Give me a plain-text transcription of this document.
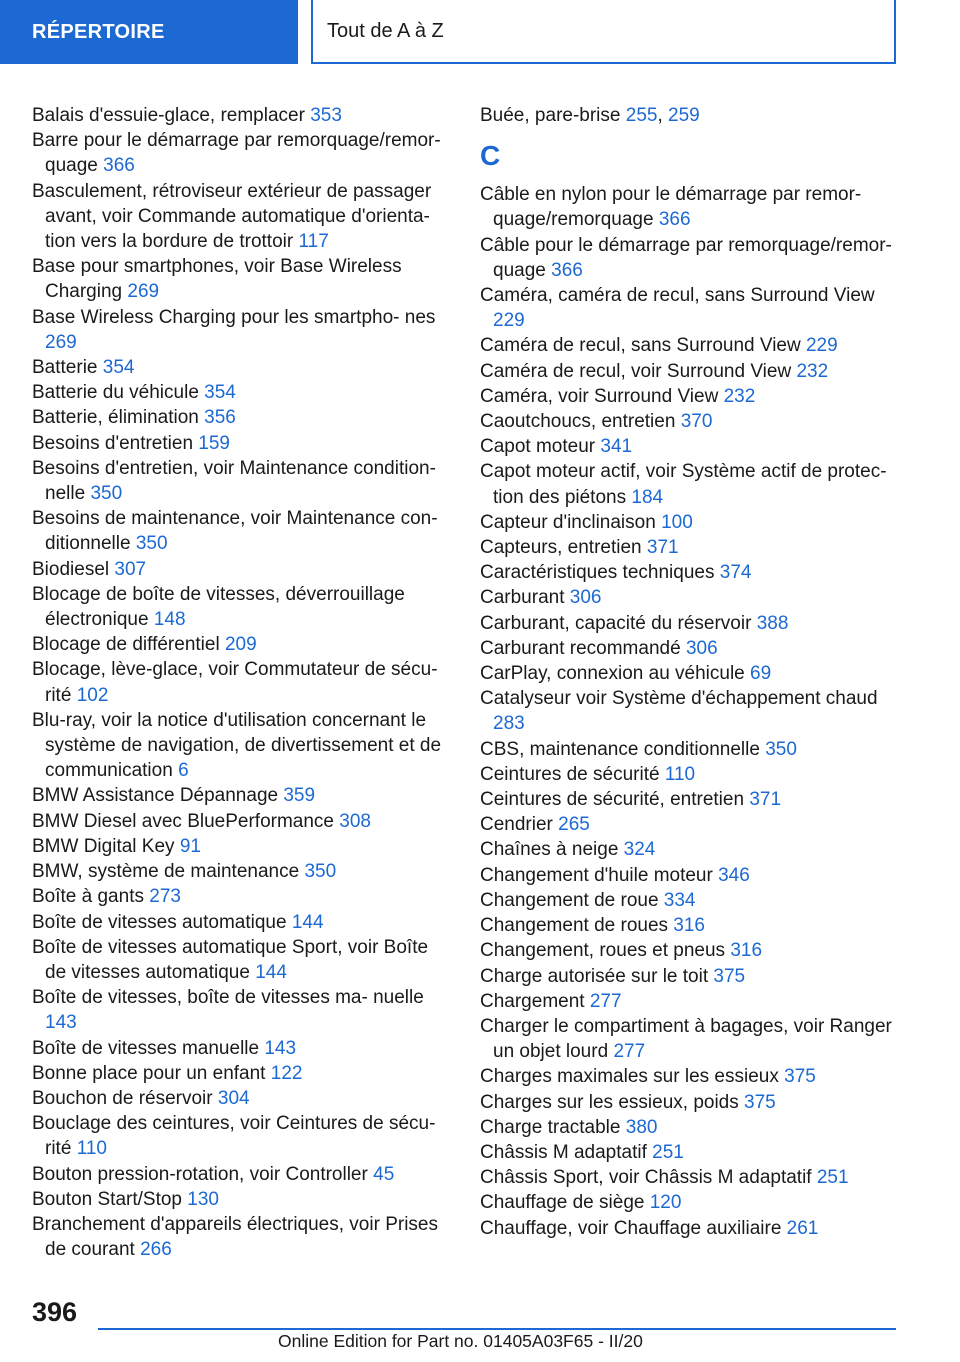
RÉPERTOIRE	Tout de A à Z
Balais d'essuie-glace, remplacer 353
Barre pour le démarrage par remorquage/remor‐ quage 366
Basculement, rétroviseur extérieur de passager avant, voir Commande automatique d'orienta‐ tion vers la bordure de trottoir 117
Base pour smartphones, voir Base Wireless Charging 269
Base Wireless Charging pour les smartpho‐ nes 269
Batterie 354
Batterie du véhicule 354
Batterie, élimination 356
Besoins d'entretien 159
Besoins d'entretien, voir Maintenance condition‐ nelle 350
Besoins de maintenance, voir Maintenance con‐ ditionnelle 350
Biodiesel 307
Blocage de boîte de vitesses, déverrouillage électronique 148
Blocage de différentiel 209
Blocage, lève-glace, voir Commutateur de sécu‐ rité 102
Blu-ray, voir la notice d'utilisation concernant le système de navigation, de divertissement et de communication 6
BMW Assistance Dépannage 359
BMW Diesel avec BluePerformance 308
BMW Digital Key 91
BMW, système de maintenance 350
Boîte à gants 273
Boîte de vitesses automatique 144
Boîte de vitesses automatique Sport, voir Boîte de vitesses automatique 144
Boîte de vitesses, boîte de vitesses ma‐ nuelle 143
Boîte de vitesses manuelle 143
Bonne place pour un enfant 122
Bouchon de réservoir 304
Bouclage des ceintures, voir Ceintures de sécu‐ rité 110
Bouton pression-rotation, voir Controller 45
Bouton Start/Stop 130
Branchement d'appareils électriques, voir Prises de courant 266
Buée, pare-brise 255, 259
C
Câble en nylon pour le démarrage par remor‐ quage/remorquage 366
Câble pour le démarrage par remorquage/remor‐ quage 366
Caméra, caméra de recul, sans Surround View 229
Caméra de recul, sans Surround View 229
Caméra de recul, voir Surround View 232
Caméra, voir Surround View 232
Caoutchoucs, entretien 370
Capot moteur 341
Capot moteur actif, voir Système actif de protec‐ tion des piétons 184
Capteur d'inclinaison 100
Capteurs, entretien 371
Caractéristiques techniques 374
Carburant 306
Carburant, capacité du réservoir 388
Carburant recommandé 306
CarPlay, connexion au véhicule 69
Catalyseur voir Système d'échappement chaud 283
CBS, maintenance conditionnelle 350
Ceintures de sécurité 110
Ceintures de sécurité, entretien 371
Cendrier 265
Chaînes à neige 324
Changement d'huile moteur 346
Changement de roue 334
Changement de roues 316
Changement, roues et pneus 316
Charge autorisée sur le toit 375
Chargement 277
Charger le compartiment à bagages, voir Ranger un objet lourd 277
Charges maximales sur les essieux 375
Charges sur les essieux, poids 375
Charge tractable 380
Châssis M adaptatif 251
Châssis Sport, voir Châssis M adaptatif 251
Chauffage de siège 120
Chauffage, voir Chauffage auxiliaire 261
396
Online Edition for Part no. 01405A03F65 - II/20
